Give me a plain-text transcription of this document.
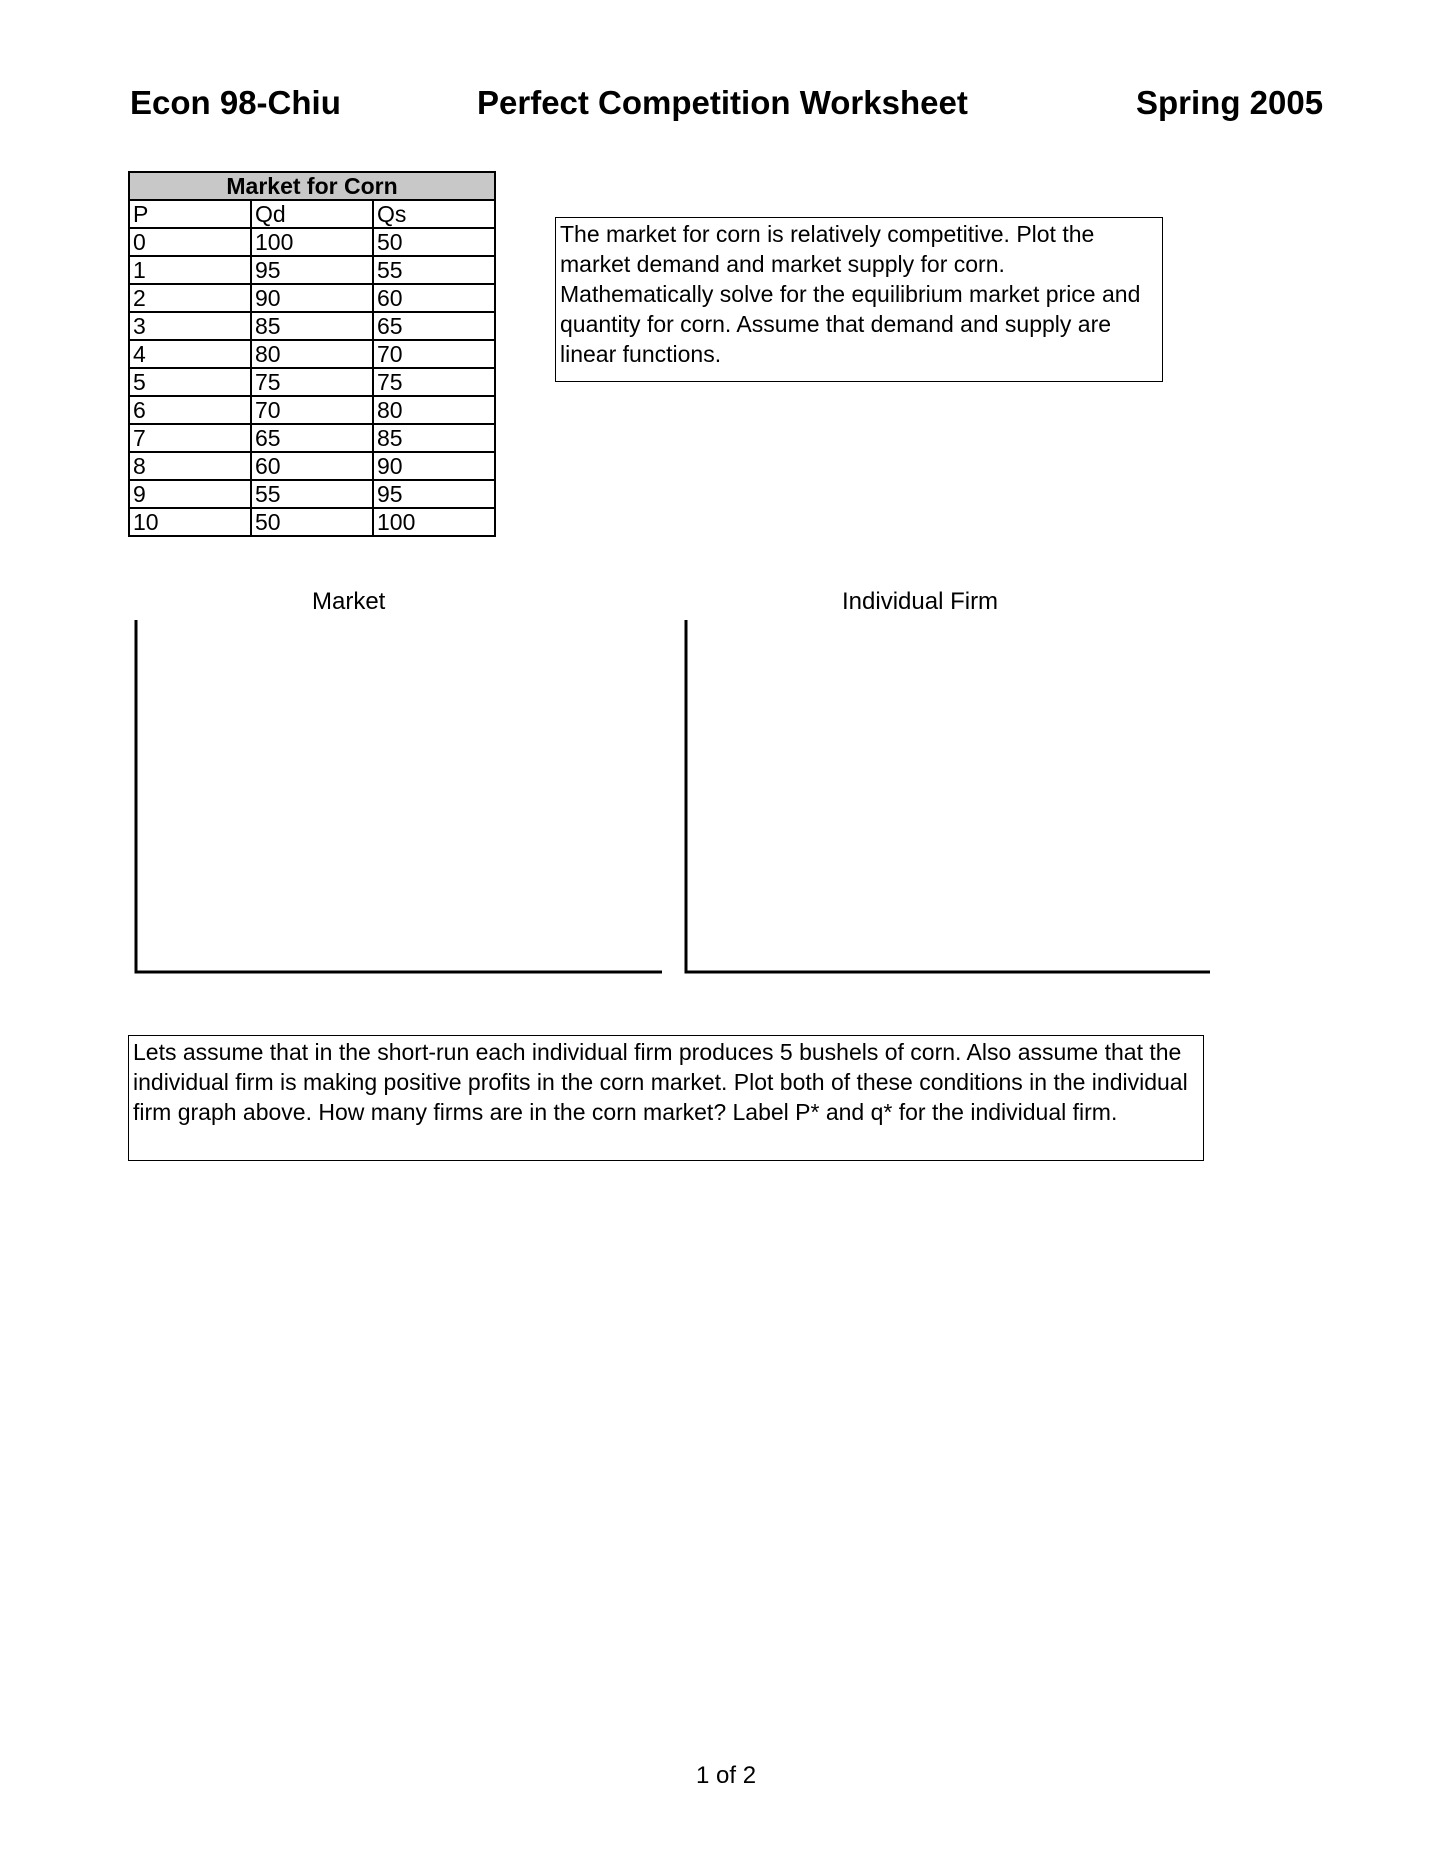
Econ 98-Chiu	Perfect Competition Worksheet	Spring 2005
Market for Corn		
P	Qd	Qs
0	100	50
1	95	55
2	90	60
3	85	65
4	80	70
5	75	75
6	70	80
7	65	85
8	60	90
9	55	95
10	50	100
The market for corn is relatively competitive. Plot the market demand and market supply for corn. Mathematically solve for the equilibrium market price and quantity for corn. Assume that demand and supply are linear functions.
Market	Individual Firm
Lets assume that in the short-run each individual firm produces 5 bushels of corn. Also assume that the individual firm is making positive profits in the corn market. Plot both of these conditions in the individual firm graph above. How many firms are in the corn market? Label P* and q* for the individual firm.
1 of 2
